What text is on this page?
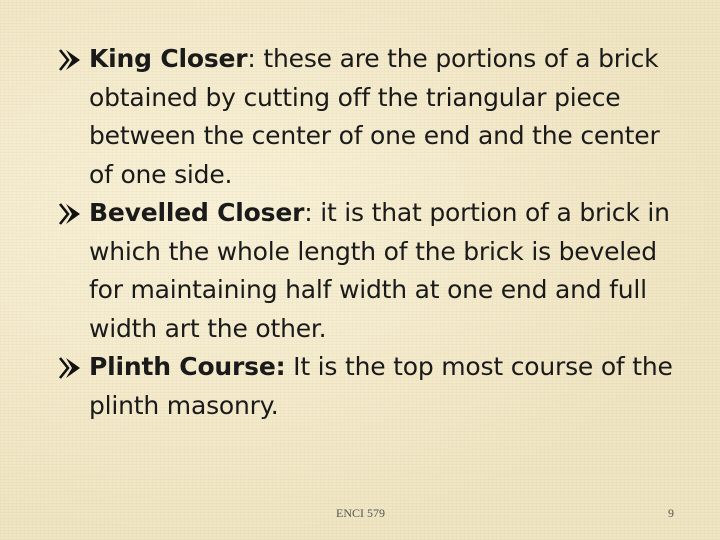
King Closer: these are the portions of a brick obtained by cutting off the triangular piece between the center of one end and the center of one side.
Bevelled Closer: it is that portion of a brick in which the whole length of the brick is beveled for maintaining half width at one end and full width art the other.
Plinth Course: It is the top most course of the plinth masonry.
ENCI 579	9
